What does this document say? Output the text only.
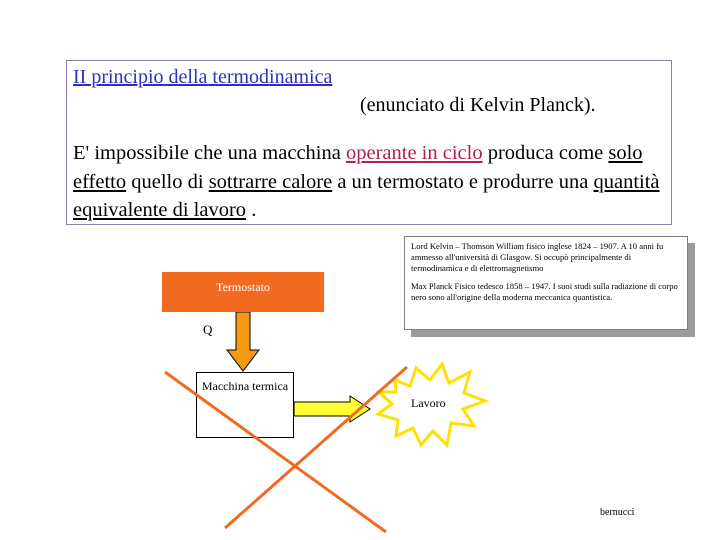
II principio della termodinamica
(enunciato di Kelvin Planck).
E' impossibile che una macchina operante in ciclo produca come solo effetto quello di sottrarre calore a un termostato e produrre una quantità equivalente di lavoro .

Lord Kelvin – Thomson William fisico inglese 1824 – 1907. A 10 anni fu ammesso all'università di Glasgow. Si occupò principalmente di termodinamica e di elettromagnetismo

Max Planck Fisico tedesco 1858 – 1947. I suoi studi sulla radiazione di corpo nero sono all'origine della moderna meccanica quantistica.

Termostato
Q
Macchina termica
Lavoro
bernucci
